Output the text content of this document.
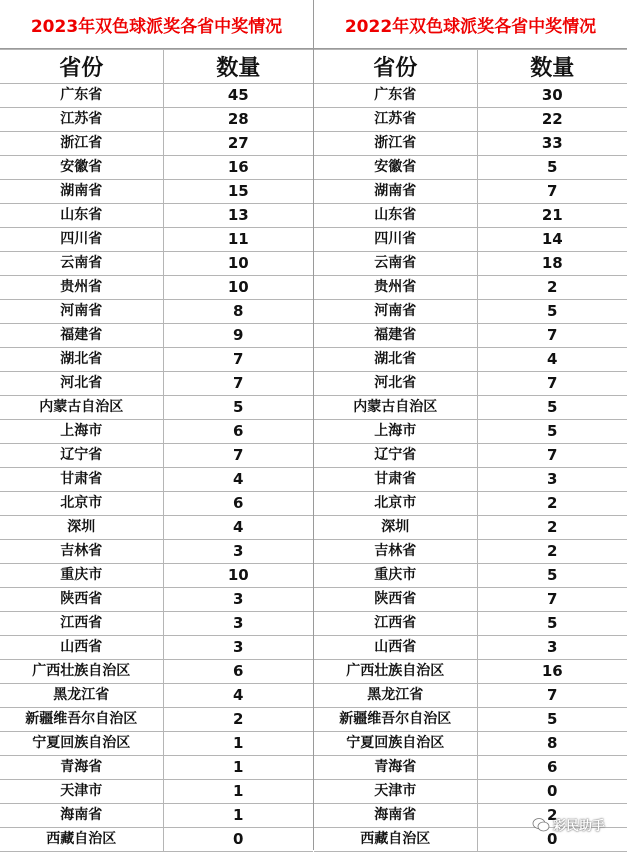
2023年双色球派奖各省中奖情况
省份	数量
广东省	45
江苏省	28
浙江省	27
安徽省	16
湖南省	15
山东省	13
四川省	11
云南省	10
贵州省	10
河南省	8
福建省	9
湖北省	7
河北省	7
内蒙古自治区	5
上海市	6
辽宁省	7
甘肃省	4
北京市	6
深圳	4
吉林省	3
重庆市	10
陕西省	3
江西省	3
山西省	3
广西壮族自治区	6
黑龙江省	4
新疆维吾尔自治区	2
宁夏回族自治区	1
青海省	1
天津市	1
海南省	1
西藏自治区	0
2022年双色球派奖各省中奖情况
省份	数量
广东省	30
江苏省	22
浙江省	33
安徽省	5
湖南省	7
山东省	21
四川省	14
云南省	18
贵州省	2
河南省	5
福建省	7
湖北省	4
河北省	7
内蒙古自治区	5
上海市	5
辽宁省	7
甘肃省	3
北京市	2
深圳	2
吉林省	2
重庆市	5
陕西省	7
江西省	5
山西省	3
广西壮族自治区	16
黑龙江省	7
新疆维吾尔自治区	5
宁夏回族自治区	8
青海省	6
天津市	0
海南省	2
西藏自治区	0
彩民助手
